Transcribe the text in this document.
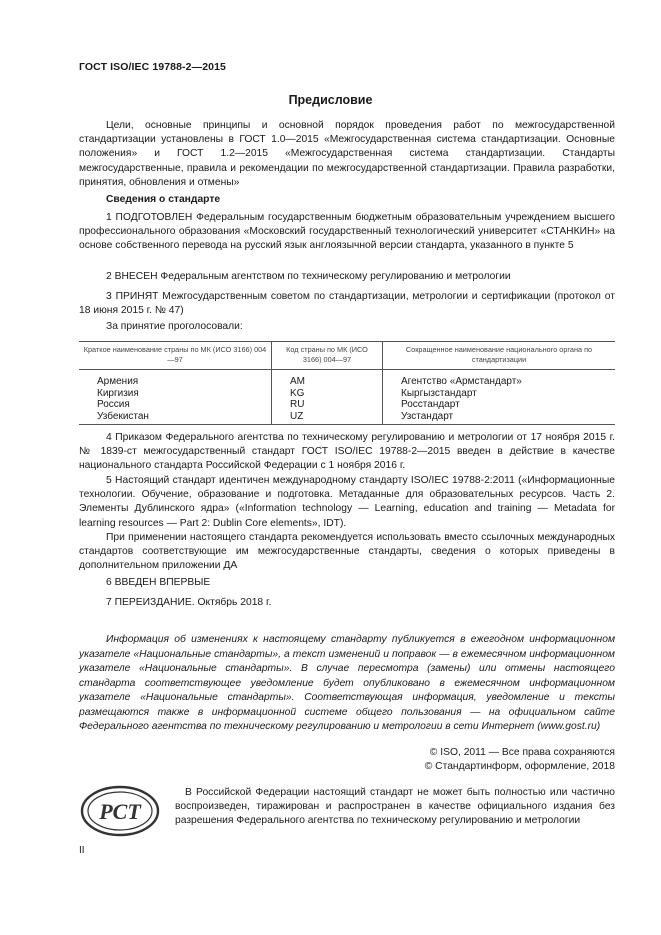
ГОСТ ISO/IEC 19788-2—2015
Предисловие
Цели, основные принципы и основной порядок проведения работ по межгосударственной стандартизации установлены в ГОСТ 1.0—2015 «Межгосударственная система стандартизации. Основные положения» и ГОСТ 1.2—2015 «Межгосударственная система стандартизации. Стандарты межгосударственные, правила и рекомендации по межгосударственной стандартизации. Правила разработки, принятия, обновления и отмены»
Сведения о стандарте
1 ПОДГОТОВЛЕН Федеральным государственным бюджетным образовательным учреждением высшего профессионального образования «Московский государственный технологический университет «СТАНКИН» на основе собственного перевода на русский язык англоязычной версии стандарта, указанного в пункте 5
2 ВНЕСЕН Федеральным агентством по техническому регулированию и метрологии
3 ПРИНЯТ Межгосударственным советом по стандартизации, метрологии и сертификации (протокол от 18 июня 2015 г. № 47)
За принятие проголосовали:
Краткое наименование страны по МК (ИСО 3166) 004—97	Код страны по МК (ИСО 3166) 004—97	Сокращенное наименование национального органа по стандартизации
Армения	AM	Агентство «Армстандарт»
Киргизия	KG	Кыргызстандарт
Россия	RU	Росстандарт
Узбекистан	UZ	Узстандарт
4 Приказом Федерального агентства по техническому регулированию и метрологии от 17 ноября 2015 г. № 1839-ст межгосударственный стандарт ГОСТ ISO/IEC 19788-2—2015 введен в действие в качестве национального стандарта Российской Федерации с 1 ноября 2016 г.
5 Настоящий стандарт идентичен международному стандарту ISO/IEC 19788-2:2011 («Информационные технологии. Обучение, образование и подготовка. Метаданные для образовательных ресурсов. Часть 2. Элементы Дублинского ядра» («Information technology — Learning, education and training — Metadata for learning resources — Part 2: Dublin Core elements», IDT).
При применении настоящего стандарта рекомендуется использовать вместо ссылочных международных стандартов соответствующие им межгосударственные стандарты, сведения о которых приведены в дополнительном приложении ДА
6 ВВЕДЕН ВПЕРВЫЕ
7 ПЕРЕИЗДАНИЕ. Октябрь 2018 г.
Информация об изменениях к настоящему стандарту публикуется в ежегодном информационном указателе «Национальные стандарты», а текст изменений и поправок — в ежемесячном информационном указателе «Национальные стандарты». В случае пересмотра (замены) или отмены настоящего стандарта соответствующее уведомление будет опубликовано в ежемесячном информационном указателе «Национальные стандарты». Соответствующая информация, уведомление и тексты размещаются также в информационной системе общего пользования — на официальном сайте Федерального агентства по техническому регулированию и метрологии в сети Интернет (www.gost.ru)
© ISO, 2011 — Все права сохраняются
© Стандартинформ, оформление, 2018
РСТ
В Российской Федерации настоящий стандарт не может быть полностью или частично воспроизведен, тиражирован и распространен в качестве официального издания без разрешения Федерального агентства по техническому регулированию и метрологии
II
